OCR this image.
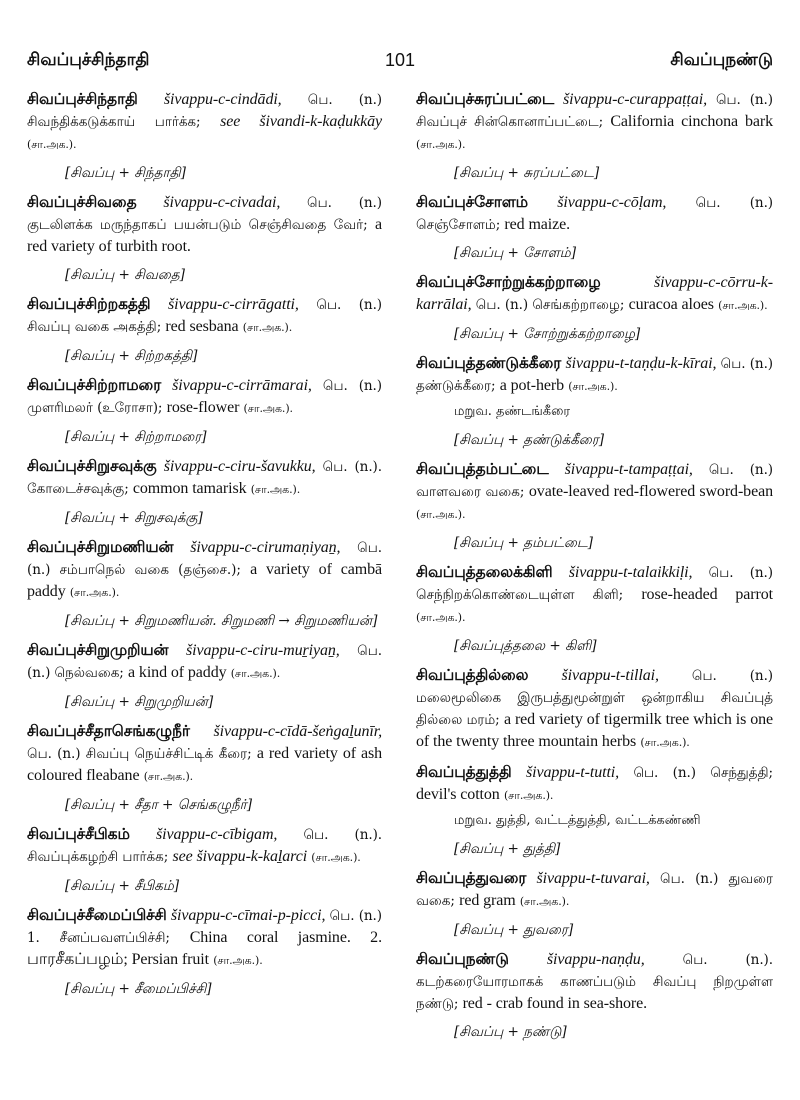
சிவப்புச்சிந்தாதி	101	சிவப்புநண்டு
சிவப்புச்சிந்தாதி šivappu-c-cindādi, பெ. (n.) சிவந்திக்கடுக்காய் பார்க்க; see šivandi-k-kaḍukkāy (சா.அக.).
[சிவப்பு + சிந்தாதி]
சிவப்புச்சிவதை šivappu-c-civadai, பெ. (n.) குடலிளக்க மருந்தாகப் பயன்படும் செஞ்சிவதை வேர்; a red variety of turbith root.
[சிவப்பு + சிவதை]
சிவப்புச்சிற்றகத்தி šivappu-c-cirrāgatti, பெ. (n.) சிவப்பு வகை அகத்தி; red sesbana (சா.அக.).
[சிவப்பு + சிற்றகத்தி]
சிவப்புச்சிற்றாமரை šivappu-c-cirrāmarai, பெ. (n.) முளரிமலர் (உரோசா); rose-flower (சா.அக.).
[சிவப்பு + சிற்றாமரை]
சிவப்புச்சிறுசவுக்கு šivappu-c-ciru-šavukku, பெ. (n.). கோடைச்சவுக்கு; common tamarisk (சா.அக.).
[சிவப்பு + சிறுசவுக்கு]
சிவப்புச்சிறுமணியன் šivappu-c-cirumaṇiyaṉ, பெ. (n.) சம்பாநெல் வகை (தஞ்சை.); a variety of cambā paddy (சா.அக.).
[சிவப்பு + சிறுமணியன். சிறுமணி → சிறுமணியன்]
சிவப்புச்சிறுமுறியன் šivappu-c-ciru-muṟiyaṉ, பெ. (n.) நெல்வகை; a kind of paddy (சா.அக.).
[சிவப்பு + சிறுமுறியன்]
சிவப்புச்சீதாசெங்கழுநீர் šivappu-c-cīdā-šeṅgaḻunīr, பெ. (n.) சிவப்பு நெய்ச்சிட்டிக் கீரை; a red variety of ash coloured fleabane (சா.அக.).
[சிவப்பு + சீதா + செங்கழுநீர்]
சிவப்புச்சீபிகம் šivappu-c-cībigam, பெ. (n.). சிவப்புக்கழற்சி பார்க்க; see šivappu-k-kaḻarci (சா.அக.).
[சிவப்பு + சீபிகம்]
சிவப்புச்சீமைப்பிச்சி šivappu-c-cīmai-p-picci, பெ. (n.) 1. சீனப்பவளப்பிச்சி; China coral jasmine. 2. பாரசீகப்பழம்; Persian fruit (சா.அக.).
[சிவப்பு + சீமைப்பிச்சி]
சிவப்புச்சுரப்பட்டை šivappu-c-curappaṭṭai, பெ. (n.) சிவப்புச் சின்கொனாப்பட்டை; California cinchona bark (சா.அக.).
[சிவப்பு + சுரப்பட்டை]
சிவப்புச்சோளம் šivappu-c-cōḷam, பெ. (n.) செஞ்சோளம்; red maize.
[சிவப்பு + சோளம்]
சிவப்புச்சோற்றுக்கற்றாழை	šivappu-c-cōrru-k-karrālai, பெ. (n.) செங்கற்றாழை; curacoa aloes (சா.அக.).
[சிவப்பு + சோற்றுக்கற்றாழை]
சிவப்புத்தண்டுக்கீரை šivappu-t-taṇḍu-k-kīrai, பெ. (n.) தண்டுக்கீரை; a pot-herb (சா.அக.).
மறுவ. தண்டங்கீரை
[சிவப்பு + தண்டுக்கீரை]
சிவப்புத்தம்பட்டை šivappu-t-tampaṭṭai, பெ. (n.) வாளவரை வகை; ovate-leaved red-flowered sword-bean (சா.அக.).
[சிவப்பு + தம்பட்டை]
சிவப்புத்தலைக்கிளி šivappu-t-talaikkiḷi, பெ. (n.) செந்நிறக்கொண்டையுள்ள கிளி; rose-headed parrot (சா.அக.).
[சிவப்புத்தலை + கிளி]
சிவப்புத்தில்லை šivappu-t-tillai, பெ. (n.) மலைமூலிகை இருபத்துமூன்றுள் ஒன்றாகிய சிவப்புத் தில்லை மரம்; a red variety of tigermilk tree which is one of the twenty three mountain herbs (சா.அக.).
சிவப்புத்துத்தி šivappu-t-tutti, பெ. (n.) செந்துத்தி; devil's cotton (சா.அக.).
மறுவ. துத்தி, வட்டத்துத்தி, வட்டக்கண்ணி
[சிவப்பு + துத்தி]
சிவப்புத்துவரை šivappu-t-tuvarai, பெ. (n.) துவரை வகை; red gram (சா.அக.).
[சிவப்பு + துவரை]
சிவப்புநண்டு šivappu-naṇḍu,	பெ. (n.). கடற்கரையோரமாகக் காணப்படும் சிவப்பு நிறமுள்ள நண்டு; red - crab found in sea-shore.
[சிவப்பு + நண்டு]
